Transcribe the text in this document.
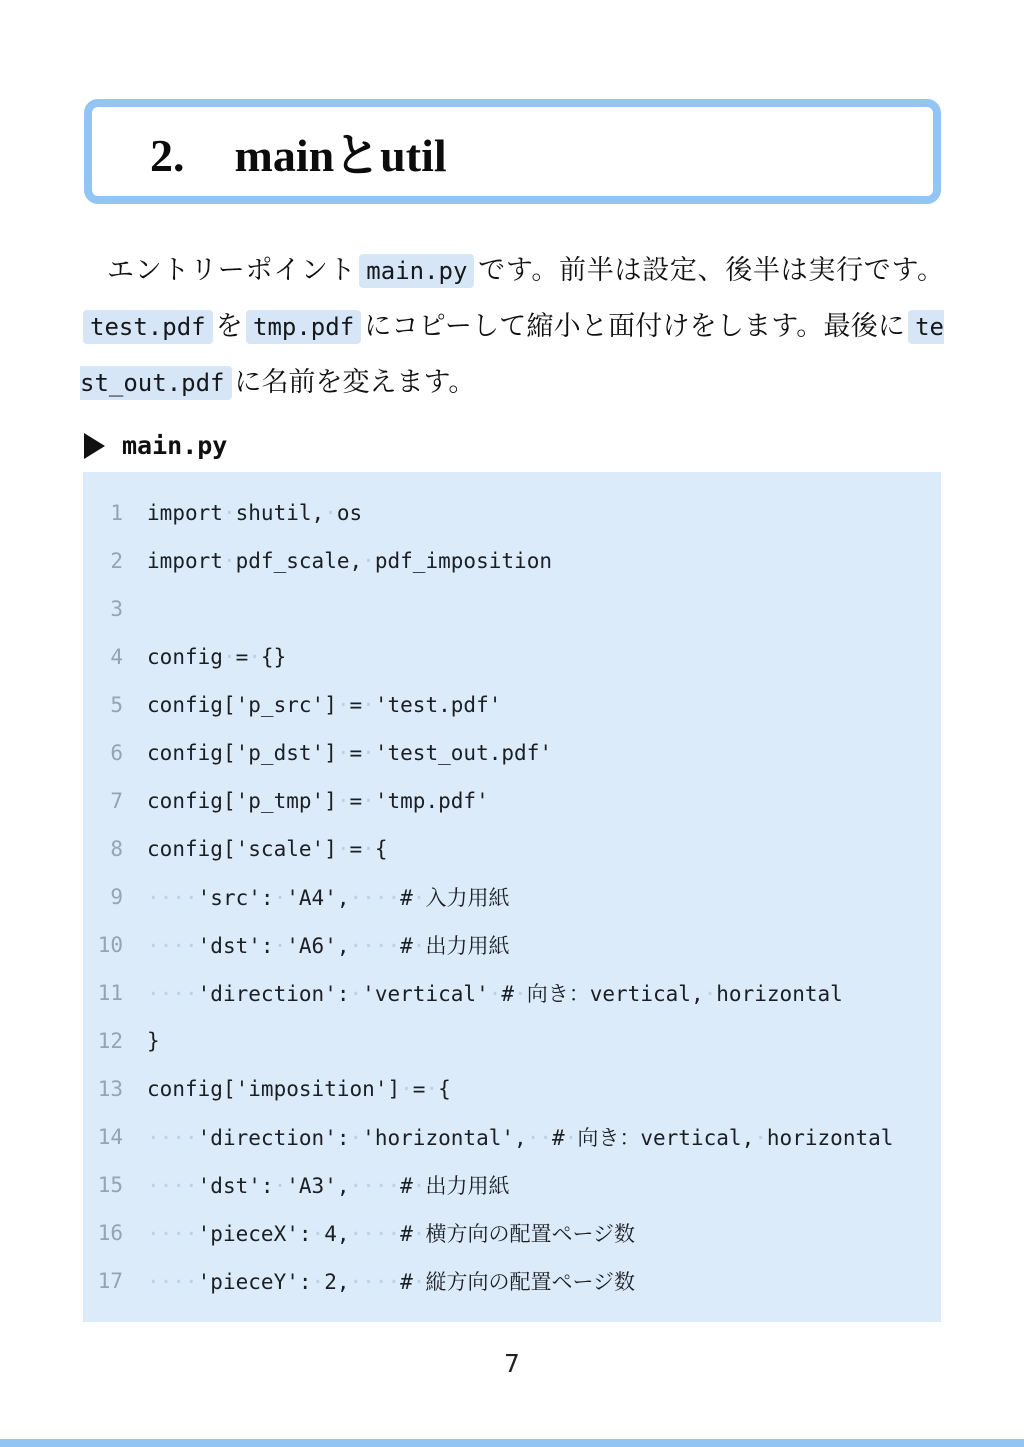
2. mainとutil

エントリーポイント main.py です。前半は設定、後半は実行です。test.pdf を tmp.pdf にコピーして縮小と面付けをします。最後に test_out.pdf に名前を変えます。

main.py
1 import·shutil,·os
2 import·pdf_scale,·pdf_imposition
3
4 config·=·{}
5 config['p_src']·=·'test.pdf'
6 config['p_dst']·=·'test_out.pdf'
7 config['p_tmp']·=·'tmp.pdf'
8 config['scale']·=·{
9 ····'src':·'A4',····#·入力用紙
10 ····'dst':·'A6',····#·出力用紙
11 ····'direction':·'vertical'·#·向き：vertical,·horizontal
12 }
13 config['imposition']·=·{
14 ····'direction':·'horizontal',··#·向き：vertical,·horizontal
15 ····'dst':·'A3',····#·出力用紙
16 ····'pieceX':·4,····#·横方向の配置ページ数
17 ····'pieceY':·2,····#·縦方向の配置ページ数
7
